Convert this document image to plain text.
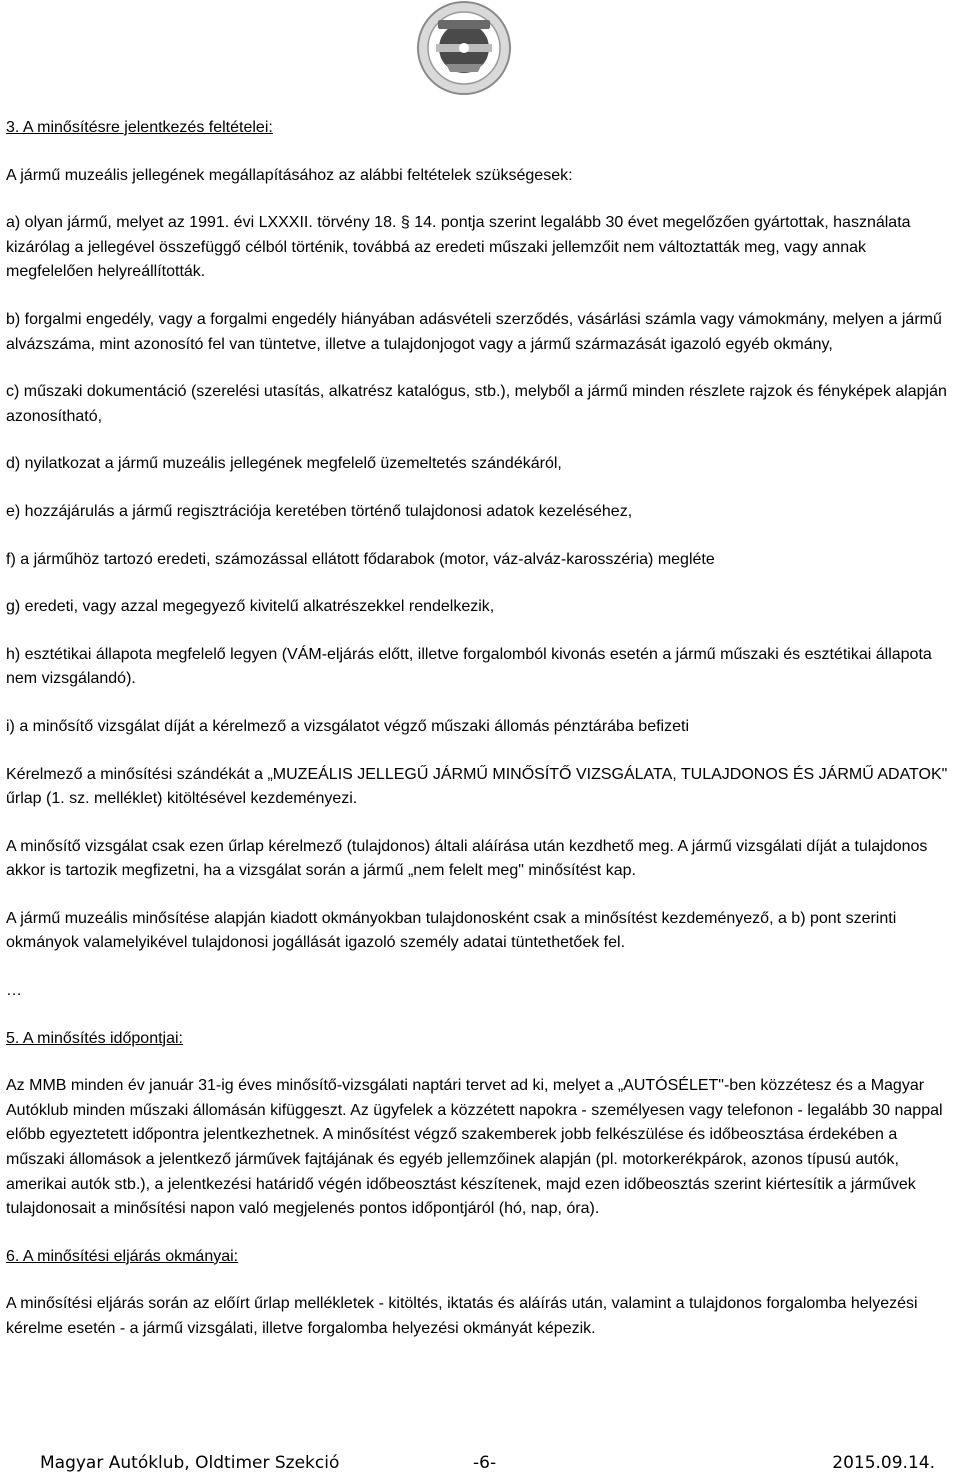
3. A minősítésre jelentkezés feltételei:
A jármű muzeális jellegének megállapításához az alábbi feltételek szükségesek:
a) olyan jármű, melyet az 1991. évi LXXXII. törvény 18. § 14. pontja szerint legalább 30 évet megelőzően gyártottak, használata kizárólag a jellegével összefüggő célból történik, továbbá az eredeti műszaki jellemzőit nem változtatták meg, vagy annak megfelelően helyreállították.
b) forgalmi engedély, vagy a forgalmi engedély hiányában adásvételi szerződés, vásárlási számla vagy vámokmány, melyen a jármű alvázszáma, mint azonosító fel van tüntetve, illetve a tulajdonjogot vagy a jármű származását igazoló egyéb okmány,
c) műszaki dokumentáció (szerelési utasítás, alkatrész katalógus, stb.), melyből a jármű minden részlete rajzok és fényképek alapján azonosítható,
d) nyilatkozat a jármű muzeális jellegének megfelelő üzemeltetés szándékáról,
e) hozzájárulás a jármű regisztrációja keretében történő tulajdonosi adatok kezeléséhez,
f) a járműhöz tartozó eredeti, számozással ellátott fődarabok (motor, váz-alváz-karosszéria) megléte
g) eredeti, vagy azzal megegyező kivitelű alkatrészekkel rendelkezik,
h) esztétikai állapota megfelelő legyen (VÁM-eljárás előtt, illetve forgalomból kivonás esetén a jármű műszaki és esztétikai állapota nem vizsgálandó).
i) a minősítő vizsgálat díját a kérelmező a vizsgálatot végző műszaki állomás pénztárába befizeti
Kérelmező a minősítési szándékát a „MUZEÁLIS JELLEGŰ JÁRMŰ MINŐSÍTŐ VIZSGÁLATA, TULAJDONOS ÉS JÁRMŰ ADATOK" űrlap (1. sz. melléklet) kitöltésével kezdeményezi.
A minősítő vizsgálat csak ezen űrlap kérelmező (tulajdonos) általi aláírása után kezdhető meg. A jármű vizsgálati díját a tulajdonos akkor is tartozik megfizetni, ha a vizsgálat során a jármű „nem felelt meg" minősítést kap.
A jármű muzeális minősítése alapján kiadott okmányokban tulajdonosként csak a minősítést kezdeményező, a b) pont szerinti okmányok valamelyikével tulajdonosi jogállását igazoló személy adatai tüntethetőek fel.
…
5. A minősítés időpontjai:
Az MMB minden év január 31-ig éves minősítő-vizsgálati naptári tervet ad ki, melyet a „AUTÓSÉLET"-ben közzétesz és a Magyar Autóklub minden műszaki állomásán kifüggeszt. Az ügyfelek a közzétett napokra - személyesen vagy telefonon - legalább 30 nappal előbb egyeztetett időpontra jelentkezhetnek. A minősítést végző szakemberek jobb felkészülése és időbeosztása érdekében a műszaki állomások a jelentkező járművek fajtájának és egyéb jellemzőinek alapján (pl. motorkerékpárok, azonos típusú autók, amerikai autók stb.), a jelentkezési határidő végén időbeosztást készítenek, majd ezen időbeosztás szerint kiértesítik a járművek tulajdonosait a minősítési napon való megjelenés pontos időpontjáról (hó, nap, óra).
6. A minősítési eljárás okmányai:
A minősítési eljárás során az előírt űrlap mellékletek - kitöltés, iktatás és aláírás után, valamint a tulajdonos forgalomba helyezési kérelme esetén - a jármű vizsgálati, illetve forgalomba helyezési okmányát képezik.
Magyar Autóklub, Oldtimer Szekció	-6-	2015.09.14.
